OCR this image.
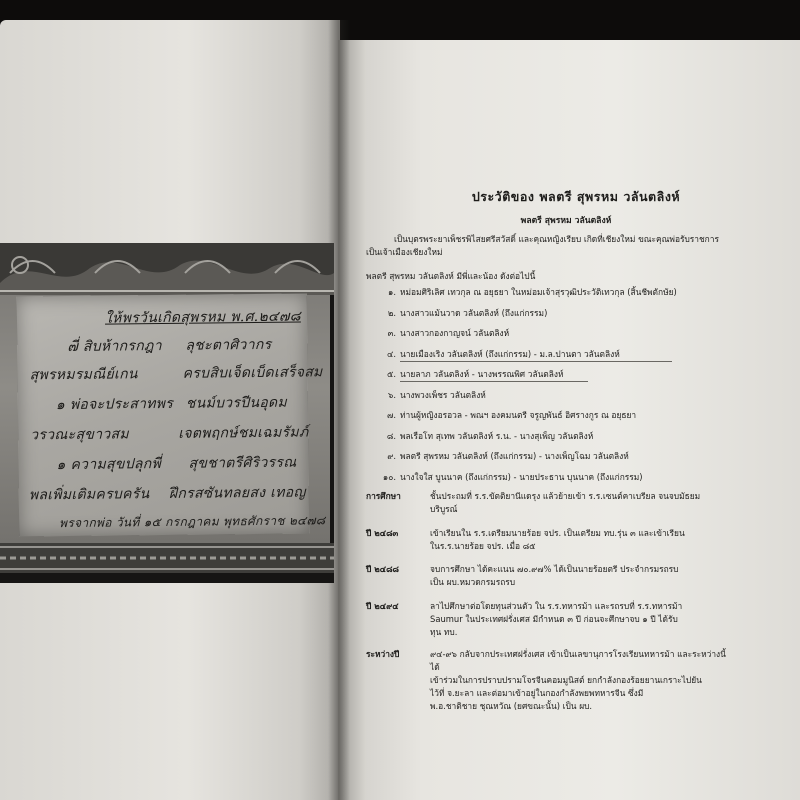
ให้พรวันเกิดสุพรหม พ.ศ.๒๔๗๘
๗ี่ สิบห้ากรกฎา ลุชะตาศิวากร
สุพรหมรมณีย์เกน	ครบสิบเจ็ดเบ็ดเสร็จสม
๑ พ่อจะประสาทพร ชนม์บวรปีนอุดม
วรวณะสุขาวสม	เจตพฤกษ์ชมเฉมรัมภ์
๑ ความสุขปลุกพี่ สุขชาตรีศิริวรรณ
พลเพิ่มเติมครบครัน ฝึกรสซันทลยสง เทอญ
พรจากพ่อ วันที่ ๑๕ กรกฎาคม พุทธศักราช ๒๔๗๘
ประวัติของ พลตรี สุพรหม วลันตลิงห์
พลตรี สุพรหม วลันตลิงห์
เป็นบุตรพระยาเพ็ชรพิไสยศรีสวัสดิ์ และคุณหญิงเรียบ เกิดที่เชียงใหม่ ขณะคุณพ่อรับราชการ
เป็นเจ้าเมืองเชียงใหม่
พลตรี สุพรหม วลันตลิงห์ มีพี่และน้อง ดังต่อไปนี้
๑. หม่อมศิริเลิศ เทวกุล ณ อยุธยา ในหม่อมเจ้าสุรวุฒิประวัติเทวกุล (สิ้นชีพตักษัย)
๒. นางสาวแม้นวาด วลันตลิงห์ (ถึงแก่กรรม)
๓. นางสาวกองกาญจน์ วลันตลิงห์
๔. นายเมืองเริง วลันตลิงห์ (ถึงแก่กรรม) - ม.ล.ปานตา วลันตลิงห์
๕. นายลาภ วลันตลิงห์ - นางพรรณพิศ วลันตลิงห์
๖. นางพวงเพ็ชร วลันตลิงห์
๗. ท่านผู้หญิงอรอวล - พณฯ องคมนตรี จรูญพันธ์ อิศรางกูร ณ อยุธยา
๘. พลเรือโท สุเทพ วลันตลิงห์ ร.น. - นางสุเพ็ญ วลันตลิงห์
๙. พลตรี สุพรหม วลันตลิงห์ (ถึงแก่กรรม) - นางเพ็ญโฉม วลันตลิงห์
๑๐. นางใจใส บูนนาค (ถึงแก่กรรม) - นายประธาน บุนนาค (ถึงแก่กรรม)
การศึกษา	ชั้นประถมที่ ร.ร.ขัตติยานีแดรุง แล้วย้ายเข้า ร.ร.เซนต์คาเบรียล จนจบมัธยม
บริบูรณ์
ปี ๒๔๘๓	เข้าเรียนใน ร.ร.เตรียมนายร้อย จปร. เป็นเตรียม ทบ.รุ่น ๓ และเข้าเรียน
ในร.ร.นายร้อย จปร. เมื่อ ๘๕
ปี ๒๔๘๘	จบการศึกษา ได้คะแนน ๗๐.๙๗% ได้เป็นนายร้อยตรี ประจำกรมรถรบ
เป็น ผบ.หมวดกรมรถรบ
ปี ๒๔๙๔	ลาไปศึกษาต่อโดยทุนส่วนตัว ใน ร.ร.ทหารม้า และรถรบที่ ร.ร.ทหารม้า
Saumur ในประเทศฝรั่งเศส มีกำหนด ๓ ปี ก่อนจะศึกษาจบ ๑ ปี ได้รับ
ทุน ทบ.
ระหว่างปี	๙๔-๙๖ กลับจากประเทศฝรั่งเศส เข้าเป็นเลขานุการโรงเรียนทหารม้า และระหว่างนี้ได้
เข้าร่วมในการปราบปรามโจรจีนคอมมูนิสต์ ยกกำลังกองร้อยยานเกราะไปยัน
ไว้ที่ จ.ยะลา และต่อมาเข้าอยู่ในกองกำลังพยพทหารจีน ซึ่งมี
พ.อ.ชาติชาย ชุณหวัณ (ยศขณะนั้น) เป็น ผบ.
